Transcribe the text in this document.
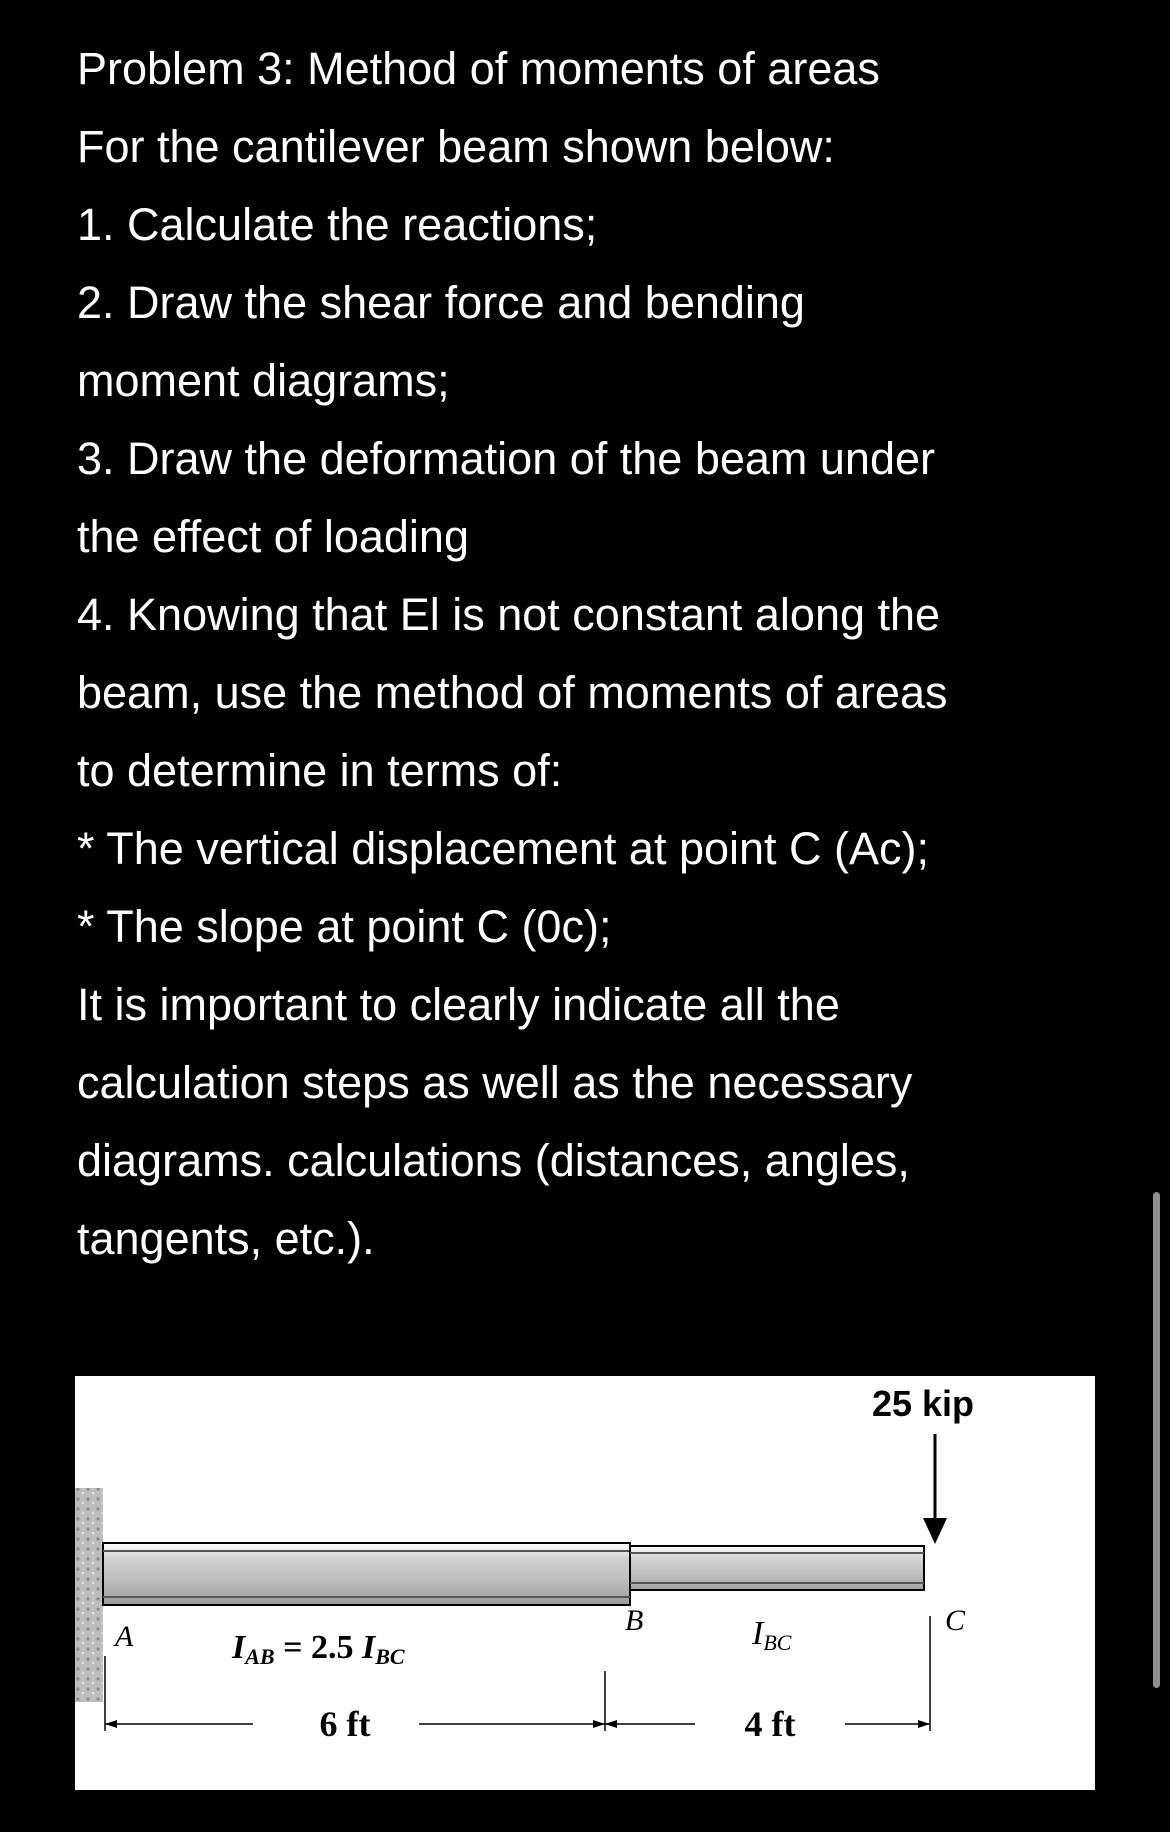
Problem 3: Method of moments of areas
For the cantilever beam shown below:
1. Calculate the reactions;
2. Draw the shear force and bending
moment diagrams;
3. Draw the deformation of the beam under
the effect of loading
4. Knowing that El is not constant along the
beam, use the method of moments of areas
to determine in terms of:
* The vertical displacement at point C (Ac);
* The slope at point C (0c);
It is important to clearly indicate all the
calculation steps as well as the necessary
diagrams. calculations (distances, angles,
tangents, etc.).
25 kip
A	B	C
IAB = 2.5 IBC
IBC
6 ft	4 ft
